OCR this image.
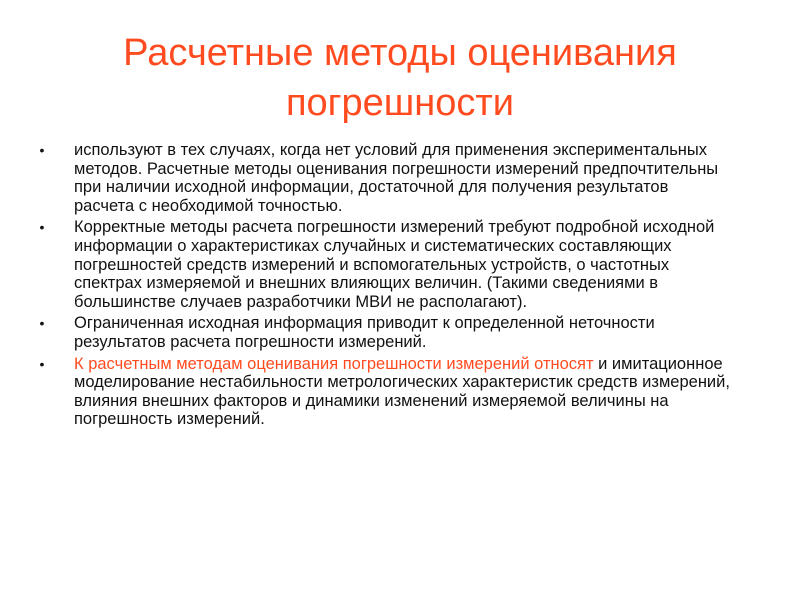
Расчетные методы оценивания погрешности
•	используют в тех случаях, когда нет условий для применения экспериментальных методов. Расчетные методы оценивания погрешности измерений предпочтительны при наличии исходной информации, достаточной для получения результатов расчета с необходимой точностью.
•	Корректные методы расчета погрешности измерений требуют подробной исходной информации о характеристиках случайных и систематических составляющих погрешностей средств измерений и вспомогательных устройств, о частотных спектрах измеряемой и внешних влияющих величин. (Такими сведениями в большинстве случаев разработчики МВИ не располагают).
•	Ограниченная исходная информация приводит к определенной неточности результатов расчета погрешности измерений.
•	К расчетным методам оценивания погрешности измерений относят и имитационное моделирование нестабильности метрологических характеристик средств измерений, влияния внешних факторов и динамики изменений измеряемой величины на погрешность измерений.
